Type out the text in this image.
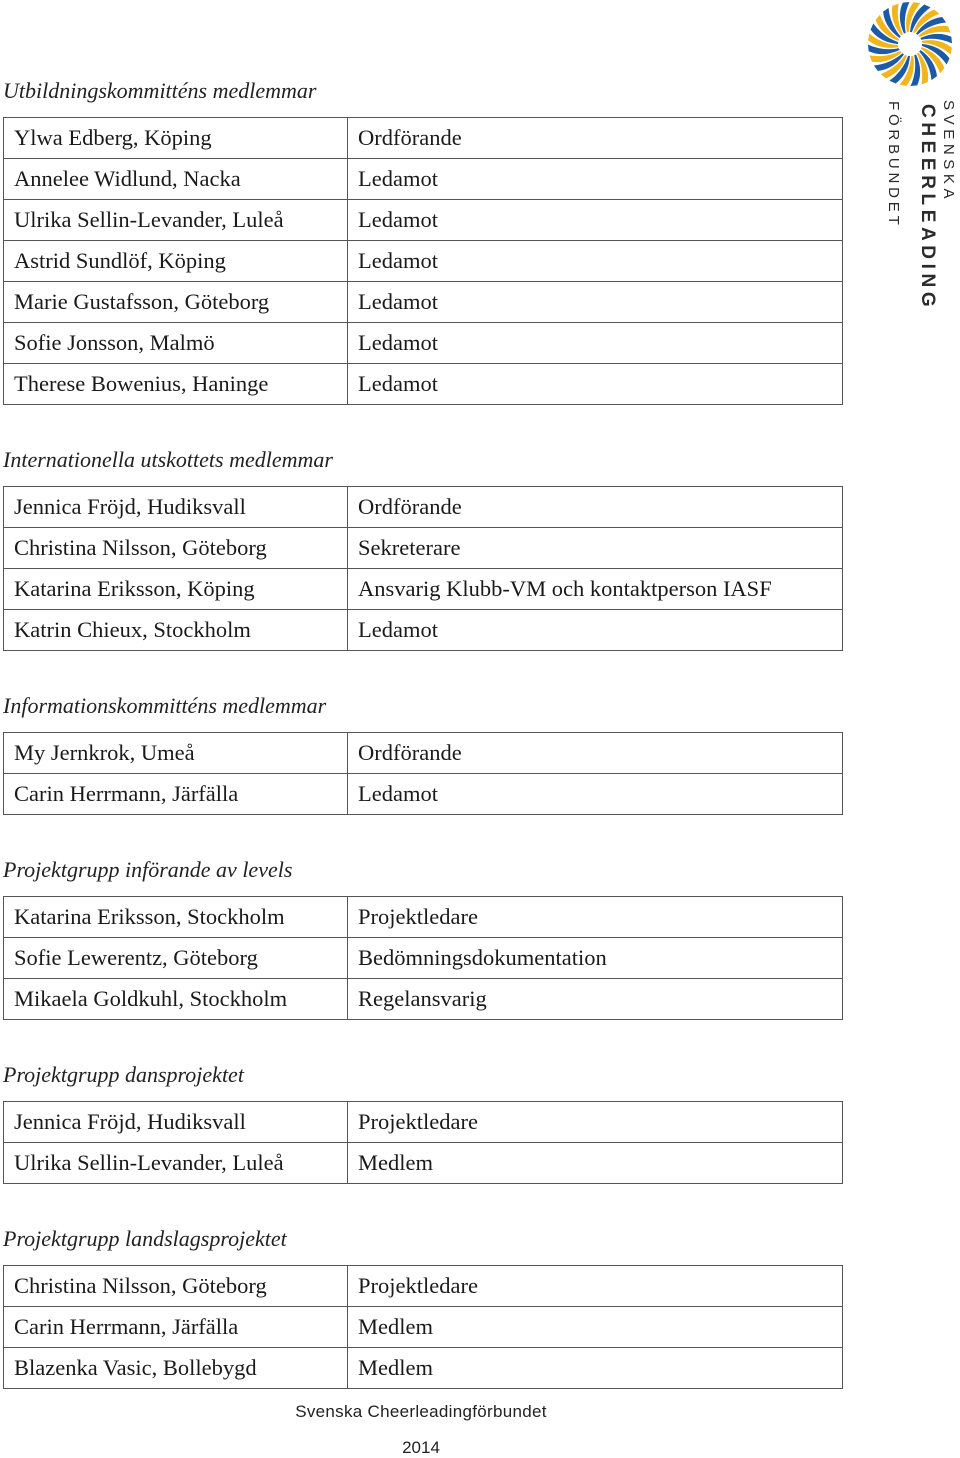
SVENSKA
CHEERLEADING
FÖRBUNDET
Utbildningskommitténs medlemmar
Ylwa Edberg, Köping	Ordförande
Annelee Widlund, Nacka	Ledamot
Ulrika Sellin-Levander, Luleå	Ledamot
Astrid Sundlöf, Köping	Ledamot
Marie Gustafsson, Göteborg	Ledamot
Sofie Jonsson, Malmö	Ledamot
Therese Bowenius, Haninge	Ledamot
Internationella utskottets medlemmar
Jennica Fröjd, Hudiksvall	Ordförande
Christina Nilsson, Göteborg	Sekreterare
Katarina Eriksson, Köping	Ansvarig Klubb-VM och kontaktperson IASF
Katrin Chieux, Stockholm	Ledamot
Informationskommitténs medlemmar
My Jernkrok, Umeå	Ordförande
Carin Herrmann, Järfälla	Ledamot
Projektgrupp införande av levels
Katarina Eriksson, Stockholm	Projektledare
Sofie Lewerentz, Göteborg	Bedömningsdokumentation
Mikaela Goldkuhl, Stockholm	Regelansvarig
Projektgrupp dansprojektet
Jennica Fröjd, Hudiksvall	Projektledare
Ulrika Sellin-Levander, Luleå	Medlem
Projektgrupp landslagsprojektet
Christina Nilsson, Göteborg	Projektledare
Carin Herrmann, Järfälla	Medlem
Blazenka Vasic, Bollebygd	Medlem
Svenska Cheerleadingförbundet
2014
